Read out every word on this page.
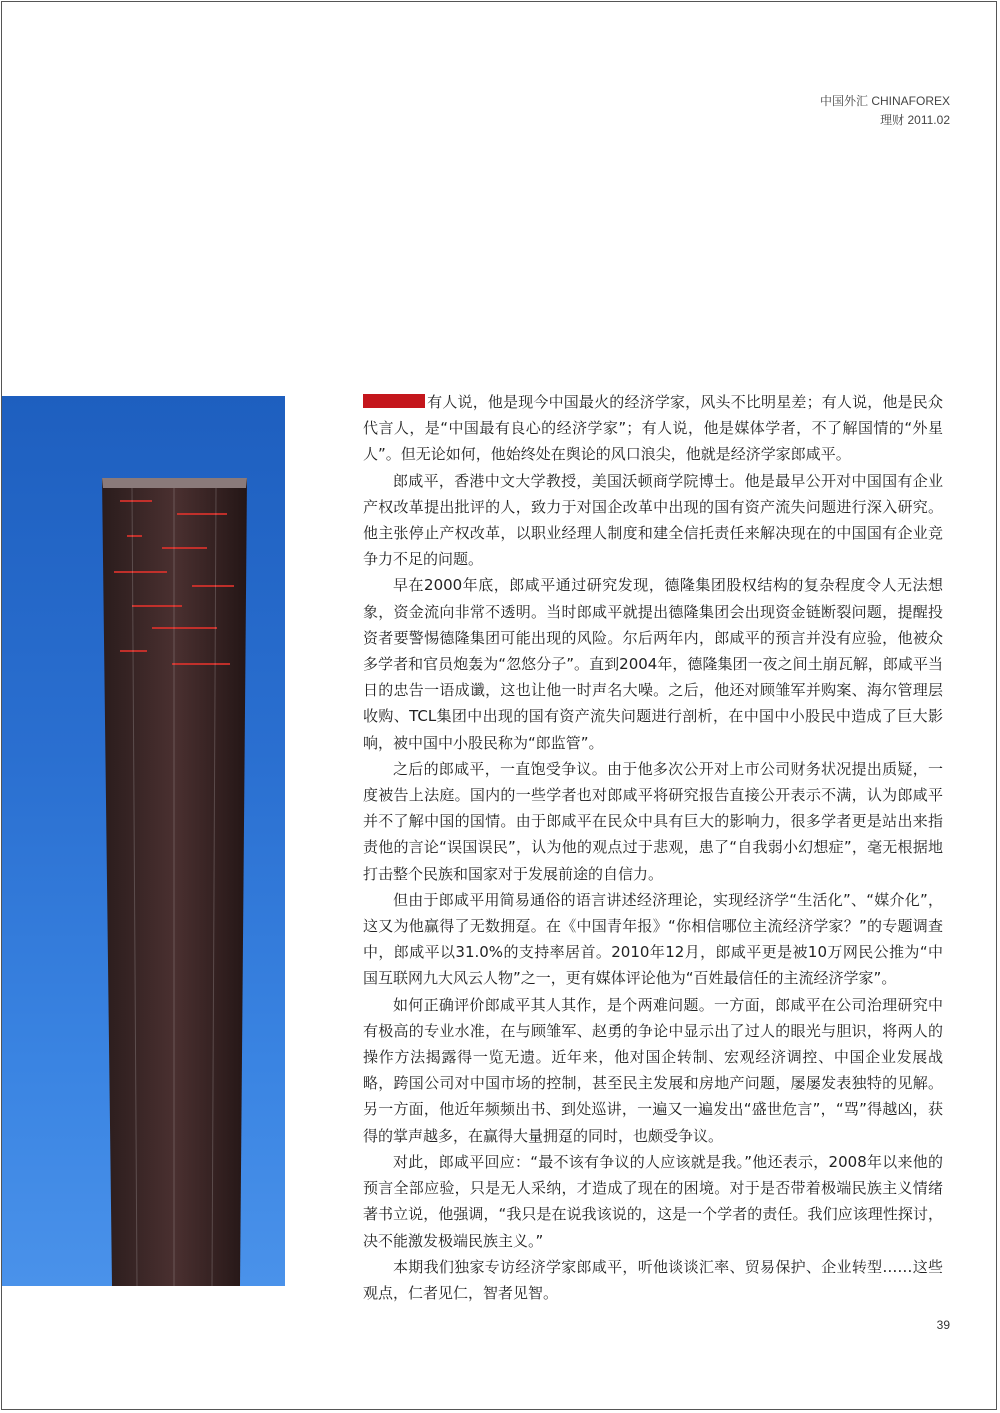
中国外汇 CHINAFOREX
理财 2011.02

有人说，他是现今中国最火的经济学家，风头不比明星差；有人说，他是民众代言人，是“中国最有良心的经济学家”；有人说，他是媒体学者，不了解国情的“外星人”。但无论如何，他始终处在舆论的风口浪尖，他就是经济学家郎咸平。

郎咸平，香港中文大学教授，美国沃顿商学院博士。他是最早公开对中国国有企业产权改革提出批评的人，致力于对国企改革中出现的国有资产流失问题进行深入研究。他主张停止产权改革，以职业经理人制度和建全信托责任来解决现在的中国国有企业竞争力不足的问题。

早在2000年底，郎咸平通过研究发现，德隆集团股权结构的复杂程度令人无法想象，资金流向非常不透明。当时郎咸平就提出德隆集团会出现资金链断裂问题，提醒投资者要警惕德隆集团可能出现的风险。尔后两年内，郎咸平的预言并没有应验，他被众多学者和官员炮轰为“忽悠分子”。直到2004年，德隆集团一夜之间土崩瓦解，郎咸平当日的忠告一语成谶，这也让他一时声名大噪。之后，他还对顾雏军并购案、海尔管理层收购、TCL集团中出现的国有资产流失问题进行剖析，在中国中小股民中造成了巨大影响，被中国中小股民称为“郎监管”。

之后的郎咸平，一直饱受争议。由于他多次公开对上市公司财务状况提出质疑，一度被告上法庭。国内的一些学者也对郎咸平将研究报告直接公开表示不满，认为郎咸平并不了解中国的国情。由于郎咸平在民众中具有巨大的影响力，很多学者更是站出来指责他的言论“误国误民”，认为他的观点过于悲观，患了“自我弱小幻想症”，毫无根据地打击整个民族和国家对于发展前途的自信力。

但由于郎咸平用简易通俗的语言讲述经济理论，实现经济学“生活化”、“媒介化”，这又为他赢得了无数拥趸。在《中国青年报》“你相信哪位主流经济学家？”的专题调查中，郎咸平以31.0%的支持率居首。2010年12月，郎咸平更是被10万网民公推为“中国互联网九大风云人物”之一，更有媒体评论他为“百姓最信任的主流经济学家”。

如何正确评价郎咸平其人其作，是个两难问题。一方面，郎咸平在公司治理研究中有极高的专业水准，在与顾雏军、赵勇的争论中显示出了过人的眼光与胆识，将两人的操作方法揭露得一览无遗。近年来，他对国企转制、宏观经济调控、中国企业发展战略，跨国公司对中国市场的控制，甚至民主发展和房地产问题，屡屡发表独特的见解。另一方面，他近年频频出书、到处巡讲，一遍又一遍发出“盛世危言”，“骂”得越凶，获得的掌声越多，在赢得大量拥趸的同时，也颇受争议。

对此，郎咸平回应：“最不该有争议的人应该就是我。”他还表示，2008年以来他的预言全部应验，只是无人采纳，才造成了现在的困境。对于是否带着极端民族主义情绪著书立说，他强调，“我只是在说我该说的，这是一个学者的责任。我们应该理性探讨，决不能激发极端民族主义。”

本期我们独家专访经济学家郎咸平，听他谈谈汇率、贸易保护、企业转型……这些观点，仁者见仁，智者见智。

39
